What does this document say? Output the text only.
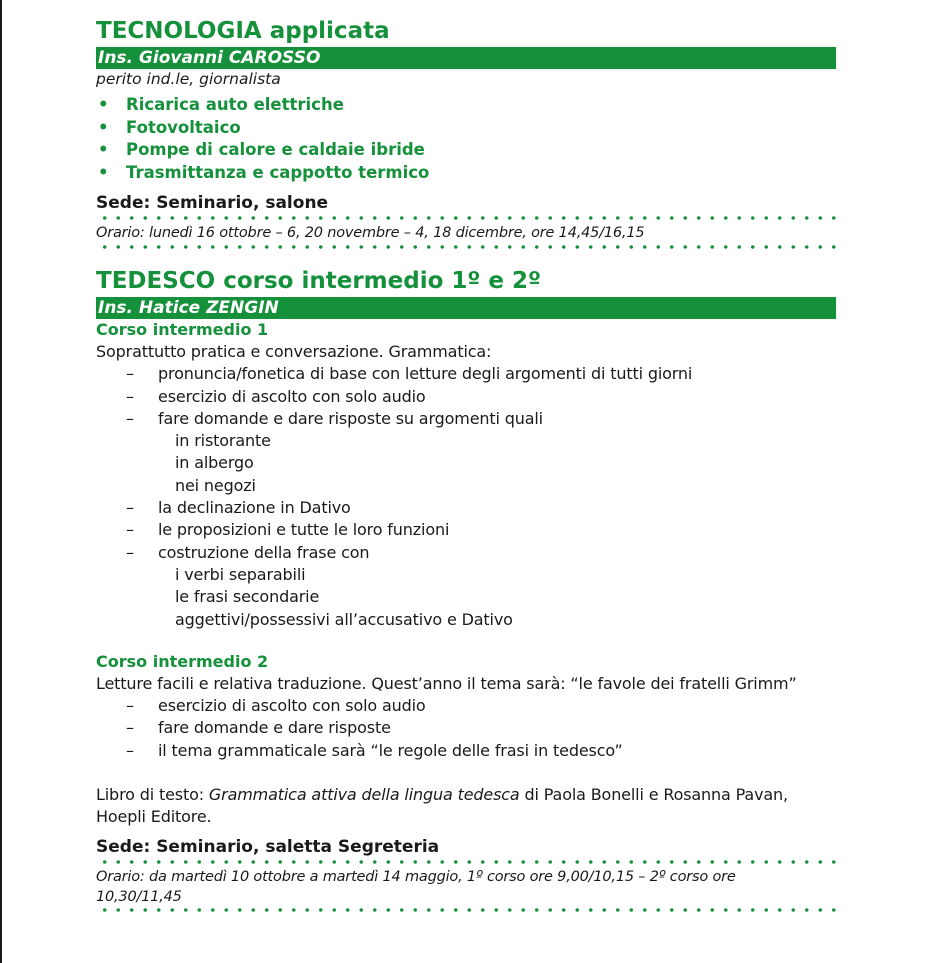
TECNOLOGIA applicata
Ins. Giovanni CAROSSO
perito ind.le, giornalista
• Ricarica auto elettriche
• Fotovoltaico
• Pompe di calore e caldaie ibride
• Trasmittanza e cappotto termico
Sede: Seminario, salone
Orario: lunedì 16 ottobre – 6, 20 novembre – 4, 18 dicembre, ore 14,45/16,15
TEDESCO corso intermedio 1º e 2º
Ins. Hatice ZENGIN
Corso intermedio 1
Soprattutto pratica e conversazione. Grammatica:
– pronuncia/fonetica di base con letture degli argomenti di tutti giorni
– esercizio di ascolto con solo audio
– fare domande e dare risposte su argomenti quali
in ristorante
in albergo
nei negozi
– la declinazione in Dativo
– le proposizioni e tutte le loro funzioni
– costruzione della frase con
i verbi separabili
le frasi secondarie
aggettivi/possessivi all’accusativo e Dativo
Corso intermedio 2
Letture facili e relativa traduzione. Quest’anno il tema sarà: “le favole dei fratelli Grimm”
– esercizio di ascolto con solo audio
– fare domande e dare risposte
– il tema grammaticale sarà “le regole delle frasi in tedesco”
Libro di testo: Grammatica attiva della lingua tedesca di Paola Bonelli e Rosanna Pavan, Hoepli Editore.
Sede: Seminario, saletta Segreteria
Orario: da martedì 10 ottobre a martedì 14 maggio, 1º corso ore 9,00/10,15 – 2º corso ore 10,30/11,45
